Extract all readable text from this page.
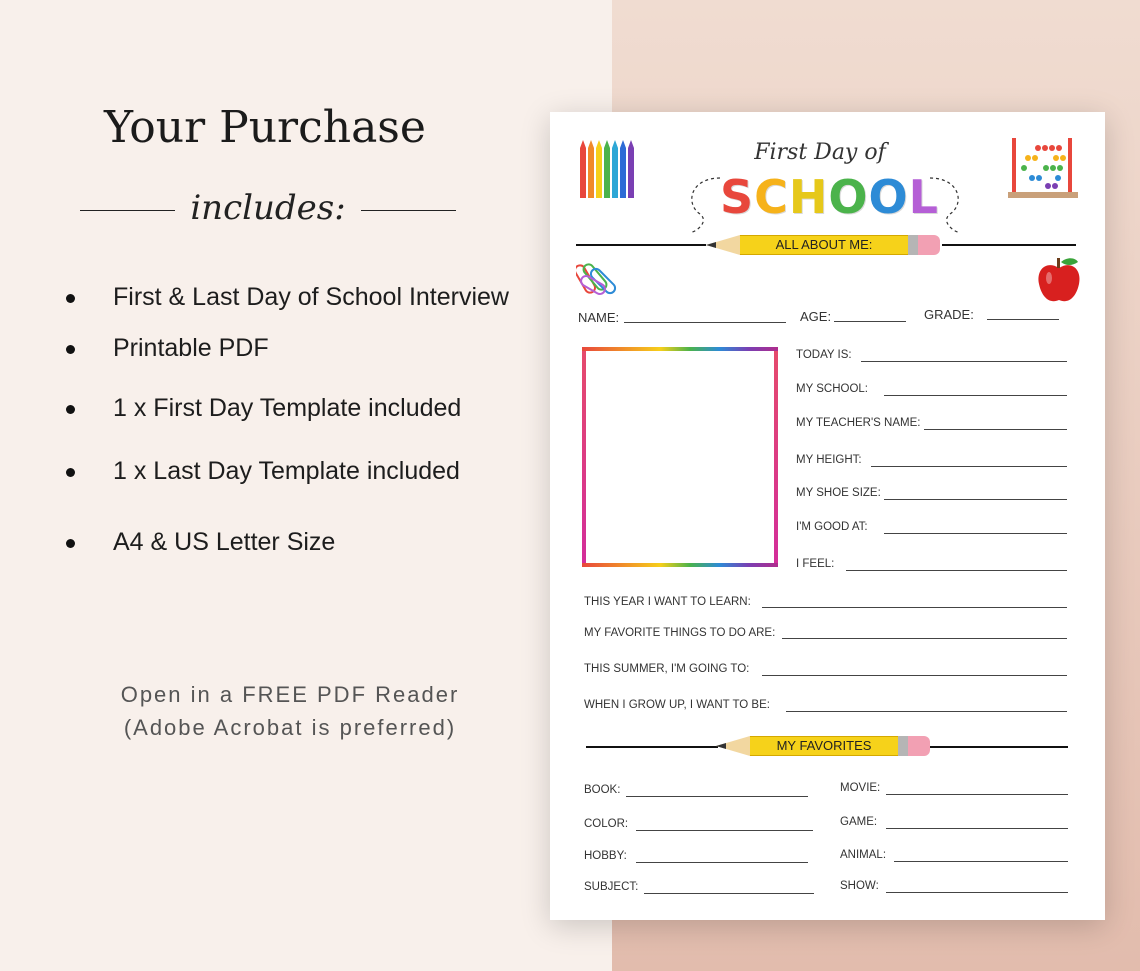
Your Purchase
includes:
First & Last Day of School Interview
Printable PDF
1 x First Day Template included
1 x Last Day Template included
A4 & US Letter Size
Open in a FREE PDF Reader
(Adobe Acrobat is preferred)
First Day of
SCHOOL
ALL ABOUT ME:
NAME:	AGE:	GRADE:
TODAY IS:
MY SCHOOL:
MY TEACHER'S NAME:
MY HEIGHT:
MY SHOE SIZE:
I'M GOOD AT:
I FEEL:
THIS YEAR I WANT TO LEARN:
MY FAVORITE THINGS TO DO ARE:
THIS SUMMER, I'M GOING TO:
WHEN I GROW UP, I WANT TO BE:
MY FAVORITES
BOOK:
COLOR:
HOBBY:
SUBJECT:
MOVIE:
GAME:
ANIMAL:
SHOW:
